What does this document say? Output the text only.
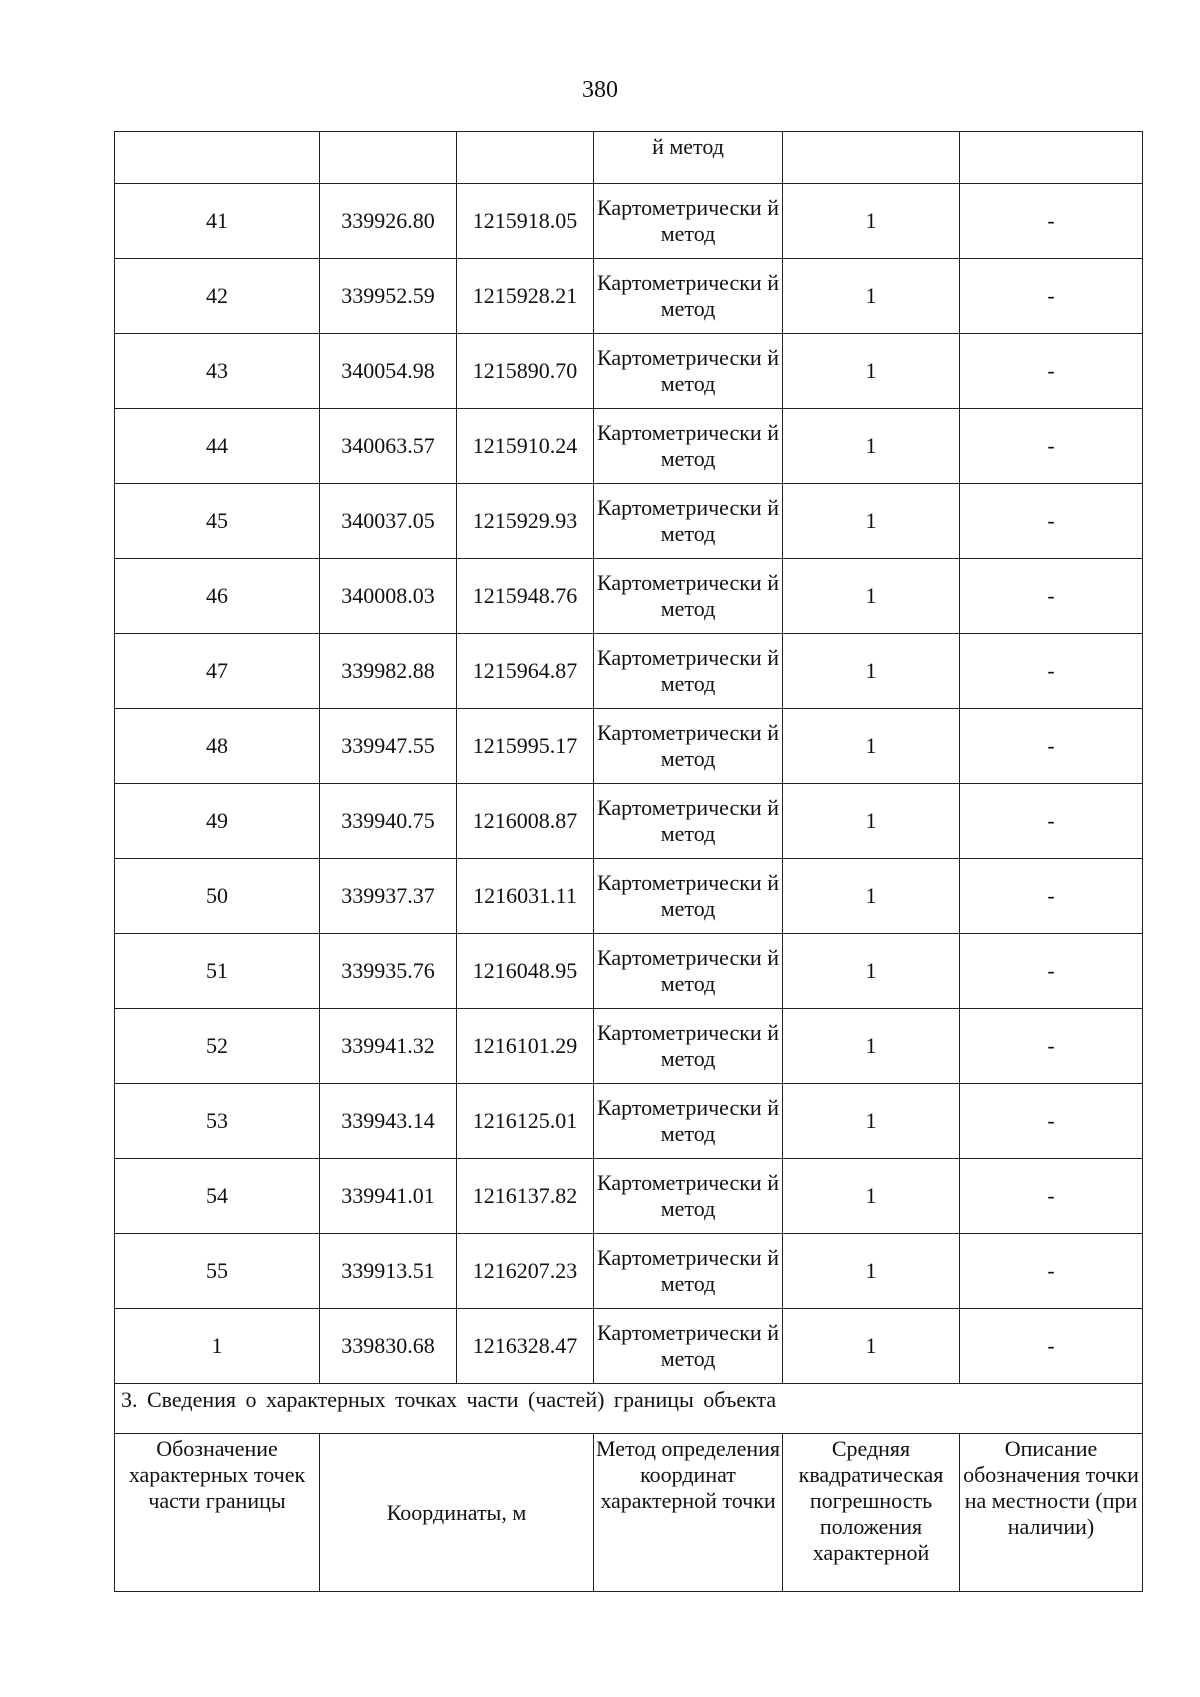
380
			й метод		
41	339926.80	1215918.05	Картометрически й метод	1	-
42	339952.59	1215928.21	Картометрически й метод	1	-
43	340054.98	1215890.70	Картометрически й метод	1	-
44	340063.57	1215910.24	Картометрически й метод	1	-
45	340037.05	1215929.93	Картометрически й метод	1	-
46	340008.03	1215948.76	Картометрически й метод	1	-
47	339982.88	1215964.87	Картометрически й метод	1	-
48	339947.55	1215995.17	Картометрически й метод	1	-
49	339940.75	1216008.87	Картометрически й метод	1	-
50	339937.37	1216031.11	Картометрически й метод	1	-
51	339935.76	1216048.95	Картометрически й метод	1	-
52	339941.32	1216101.29	Картометрически й метод	1	-
53	339943.14	1216125.01	Картометрически й метод	1	-
54	339941.01	1216137.82	Картометрически й метод	1	-
55	339913.51	1216207.23	Картометрически й метод	1	-
1	339830.68	1216328.47	Картометрически й метод	1	-
3. Сведения о характерных точках части (частей) границы объекта					
Обозначение характерных точек части границы	Координаты, м		Метод определения координат характерной точки	Средняя квадратическая погрешность положения характерной	Описание обозначения точки на местности (при наличии)
